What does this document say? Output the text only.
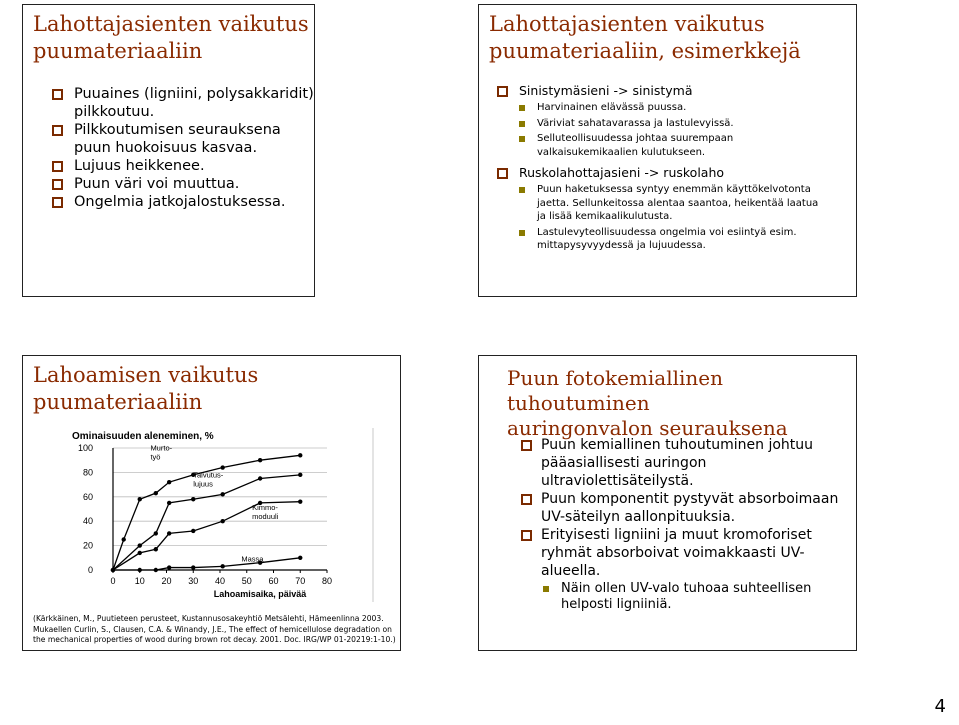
Lahottajasienten vaikutus
puumateriaaliin
Puuaines (ligniini, polysakkaridit) pilkkoutuu.
Pilkkoutumisen seurauksena puun huokoisuus kasvaa.
Lujuus heikkenee.
Puun väri voi muuttua.
Ongelmia jatkojalostuksessa.
Lahottajasienten vaikutus
puumateriaaliin, esimerkkejä
Sinistymäsieni -> sinistymä
Harvinainen elävässä puussa.
Väriviat sahatavarassa ja lastulevyissä.
Selluteollisuudessa johtaa suurempaan valkaisukemikaalien kulutukseen.
Ruskolahottajasieni -> ruskolaho
Puun haketuksessa syntyy enemmän käyttökelvotonta jaetta. Sellunkeitossa alentaa saantoa, heikentää laatua ja lisää kemikaalikulutusta.
Lastulevyteollisuudessa ongelmia voi esiintyä esim. mittapysyvyydessä ja lujuudessa.
Lahoamisen vaikutus
puumateriaaliin
Ominaisuuden aleneminen, %
0
20
40
60
80
100
0 10 20 30 40 50 60 70 80
Lahoamisaika, päivää
Murto-
työ
Taivutus-
lujuus
Kimmo-
moduuli
Massa
(Kärkkäinen, M., Puutieteen perusteet, Kustannusosakeyhtiö Metsälehti, Hämeenlinna 2003. Mukaellen Curlin, S., Clausen, C.A. & Winandy, J.E., The effect of hemicellulose degradation on the mechanical properties of wood during brown rot decay. 2001. Doc. IRG/WP 01-20219:1-10.)
Puun fotokemiallinen tuhoutuminen
auringonvalon seurauksena
Puun kemiallinen tuhoutuminen johtuu pääasiallisesti auringon ultraviolettisäteilystä.
Puun komponentit pystyvät absorboimaan UV-säteilyn aallonpituuksia.
Erityisesti ligniini ja muut kromoforiset ryhmät absorboivat voimakkaasti UV-alueella.
Näin ollen UV-valo tuhoaa suhteellisen helposti ligniiniä.
4
